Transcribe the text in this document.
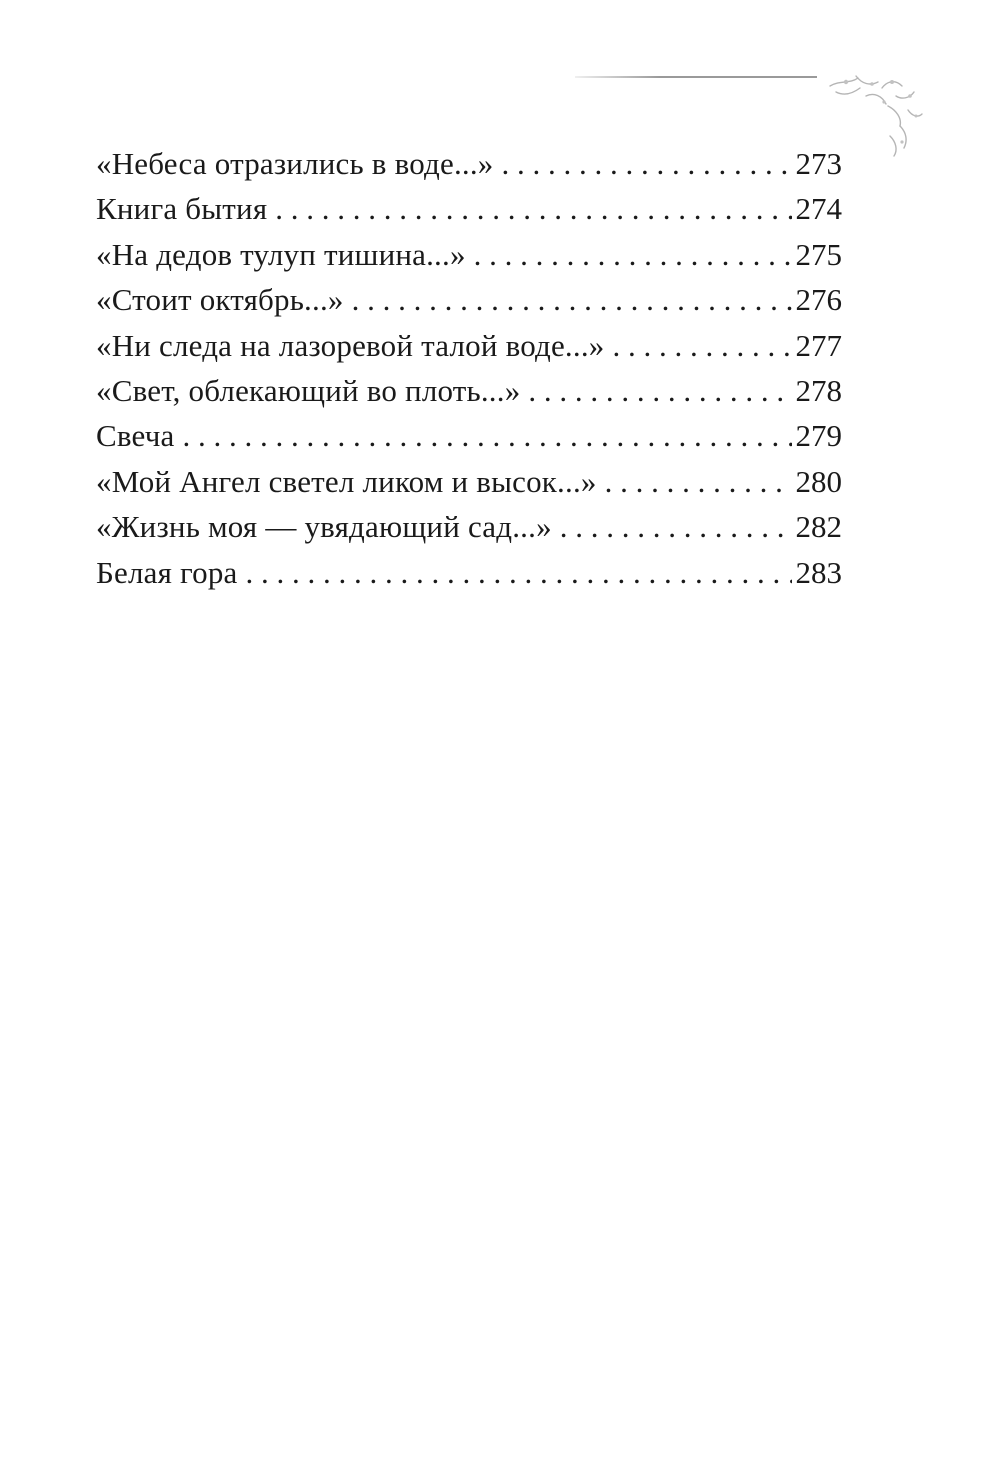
«Небеса отразились в воде...» . . .	273
Книга бытия . . .	274
«На дедов тулуп тишина...» . . .	275
«Стоит октябрь...» . . .	276
«Ни следа на лазоревой талой воде...» . . .	277
«Свет, облекающий во плоть...» . . .	278
Свеча . . .	279
«Мой Ангел светел ликом и высок...» . . .	280
«Жизнь моя — увядающий сад...» . . .	282
Белая гора . . .	283
